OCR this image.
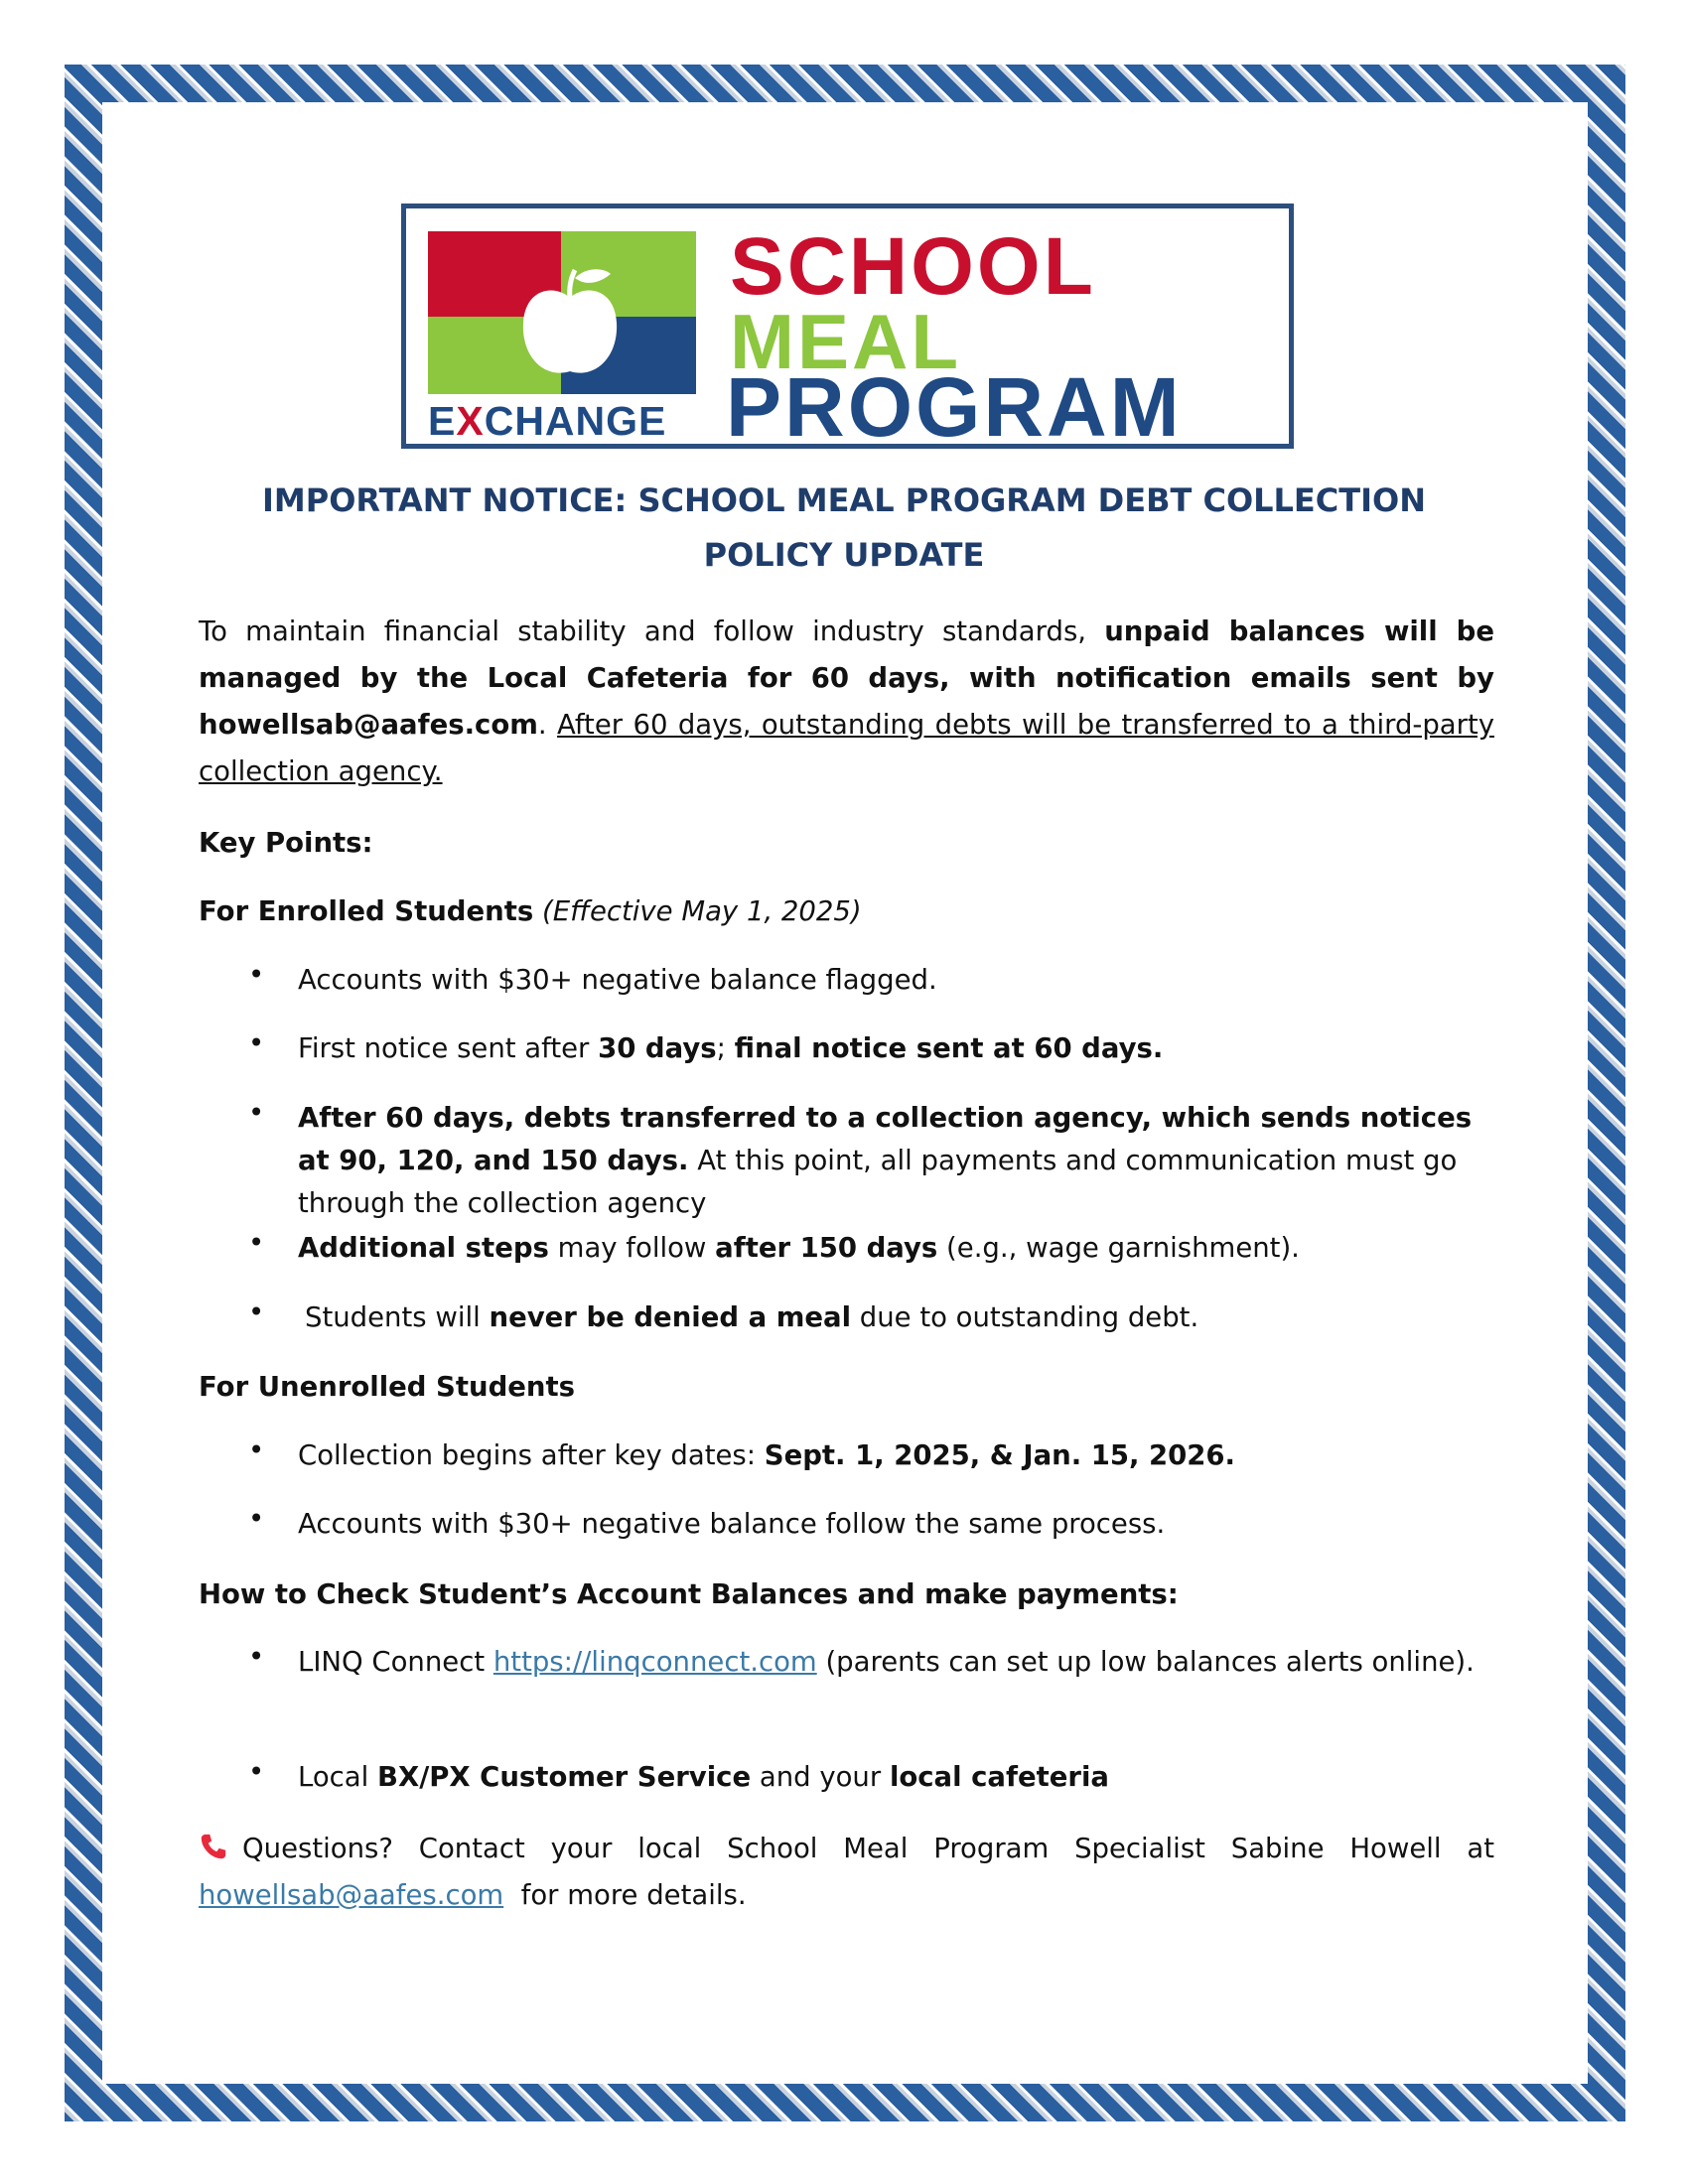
EXCHANGE
SCHOOL
MEAL
PROGRAM
IMPORTANT NOTICE: SCHOOL MEAL PROGRAM DEBT COLLECTION
POLICY UPDATE
To maintain financial stability and follow industry standards, unpaid balances will be managed by the Local Cafeteria for 60 days, with notification emails sent by howellsab@aafes.com. After 60 days, outstanding debts will be transferred to a third-party collection agency.
Key Points:
For Enrolled Students (Effective May 1, 2025)
Accounts with $30+ negative balance flagged.
First notice sent after 30 days; final notice sent at 60 days.
After 60 days, debts transferred to a collection agency, which sends notices at 90, 120, and 150 days. At this point, all payments and communication must go through the collection agency
Additional steps may follow after 150 days (e.g., wage garnishment).
Students will never be denied a meal due to outstanding debt.
For Unenrolled Students
Collection begins after key dates: Sept. 1, 2025, & Jan. 15, 2026.
Accounts with $30+ negative balance follow the same process.
How to Check Student’s Account Balances and make payments:
LINQ Connect https://linqconnect.com (parents can set up low balances alerts online).
Local BX/PX Customer Service and your local cafeteria
Questions? Contact your local School Meal Program Specialist Sabine Howell at howellsab@aafes.com for more details.
